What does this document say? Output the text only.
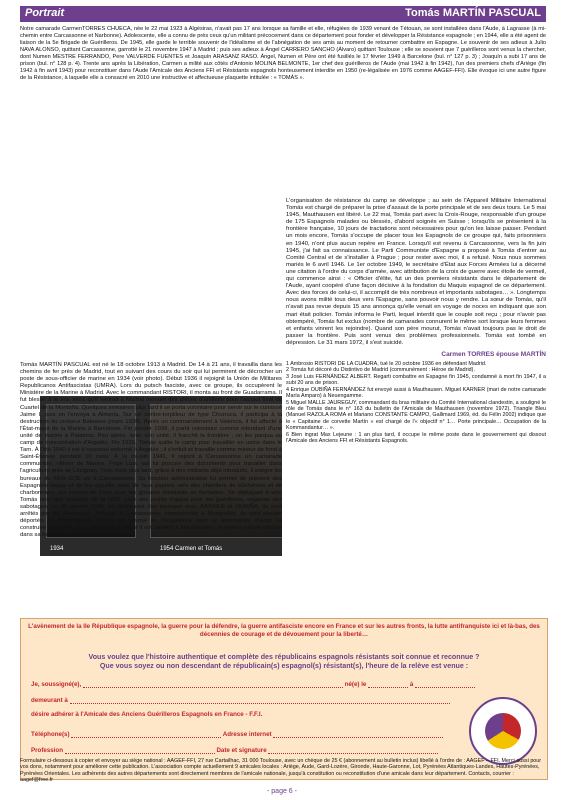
Portrait	Tomás MARTÍN PASCUAL
Notre camarade CarmenTORRES CHUECA, née le 22 mai 1923 à Algésiras, n'avait pas 17 ans lorsque sa famille et elle, réfugiées de 1939 venant de Tétouan, se sont installées dans l'Aude, à Lagrasse (à mi-chemin entre Carcassonne et Narbonne). Adolescente, elle a connu de près ceux qu'un militant précocement dans ce département pour fonder et développer la Résistance espagnole ; en 1944, elle a été agent de liaison de la 5e Brigade de Guérilleros. De 1945, elle garde le terrible souvenir de l'idéalisme et de l'abnégation de ses amis au moment de retourner combattre en Espagne. Le souvenir de ses adieux à Julio NAVA ALONSO, quittant Carcassonne, garrotté le 21 novembre 1947 à Madrid ; puis ses adieux à Ángel CARRERO SANCHO (Álvaro) quittant Toulouse ; elle se souvient que 7 guérilleros sont venus la chercher, dont Numen MESTRE FERRANDO, Pere VALVERDE FUENTES et Joaquín ARASANZ RASO. Ángel, Numen et Père ont été fusillés le 17 février 1949 à Barcelone (bul. n° 127 p. 3) ; Joaquín a subi 17 ans de prison (bul. n° 128 p. 4). Trente ans après la Libération, Carmen a milité aux côtés d'Antonio MOLINA BELMONTE, 1er chef des guérilleros de l'Aude (mai 1942 à fin 1942), l'un des premiers chefs d'Ariège (fin 1942 à fin avril 1943) pour reconstituer dans l'Aude l'Amicale des Anciens FFI et Résistants espagnols honteusement interdite en 1950 (re-légalisée en 1976 comme AAGEF-FFI). Elle évoque ici une autre figure de la Résistance, à laquelle elle a consacré en 2010 une instructive et affectueuse plaquette intitulée : « TOMÁS ».
1934	1954 Carmen et Tomás
Tomás MARTÍN PASCUAL est né le 18 octobre 1913 à Madrid. De 14 à 21 ans, il travailla dans les chemins de fer près de Madrid, tout en suivant des cours du soir qui lui permirent de décrocher un poste de sous-officier de marine en 1934 (voir photo). Début 1936 il rejoignit la Unión de Militares Republicanos Antifascistas (UMRA). Lors du putsch fasciste, avec ce groupe, ils occupèrent le Ministère de la Marine à Madrid. Avec le commandant RISTORI, il monta au front de Guadarrama. Il fut blessé à la tête alors qu'il rentrait à Madrid menant des pièces d'artillerie pour l'assaut final du Cuartel de la Montaña. Quelques semaines plus tard il se porta volontaire pour servir sur le cuirassé Jaime I, puis on l'envoya à Almería. Sur un contre-torpilleur de type Churruca, il participa à la destruction du croiseur Baleares (mars 1938). Après un commandement à Valencia, il fut affecté à l'État-major de la Marine à Barcelone. Fin janvier 1939, il partit volontaire comme intendant d'une unité de marine à Palamos. Peu après, avec son unité, il franchit la frontière ; on les parqua au camp de concentration d'Argelès. Fin 1939, Tomás quitte le camp pour travailler en usine dans le Tarn. À l'été 1940 il est à nouveau enfermé à Argelès ; il s'enfuit et travaille comme mineur de fond à Saint-Étienne pendant 10 mois. À la mi-juin 1941, il rejoint à Carcassonne un camarade communiste, officier de Marine, Pepe Luis, qui lui procure des documents pour travailler dans l'agriculture près de Lézignan. Trois mois plus tard, grâce à des militants déjà introduits, il intègre les bureaux du 442e GTE sis à Carcassonne. Sa fonction administrative lui permet de prévenir des Espagnols requis et de les aiguiller avec de faux papiers vers des chantiers de bûcherons et de charbonniers, qui servent de base pour les groupes résistants en formation. Se déplaçant à vélo Tomás tient des réunions de la UNE, crée des points d'appui pour les guérilleros, organise des sabotages. Le 20 janvier 1944, en distribuant des journaux avec KARNER et OUBIÑA, ils sont arrêtés par les Allemands. Torturés à Carcassonne, emprisonnés à Montpellier, ils sont ensuite déportés. De Mauthausen, Tomás est envoyé en Yougoslavie avec un kommando chargé de construire un tunnel ; à la suite d'un accident il est ramené à Mauthausen ; le typhus s'étant déclaré dans sa baraque, il est le seul rescapé.
L'organisation de résistance du camp se développe ; au sein de l'Appareil Militaire International Tomás est chargé de préparer la prise d'assaut de la porte principale et de ses deux tours. Le 5 mai 1945, Mauthausen est libéré. Le 22 mai, Tomás part avec la Croix-Rouge, responsable d'un groupe de 175 Espagnols malades ou blessés, d'abord soignés en Suisse ; lorsqu'ils se présentent à la frontière française, 10 jours de tractations sont nécessaires pour qu'on les laisse passer. Pendant un mois encore, Tomás s'occupe de placer tous les Espagnols de ce groupe qui, faits prisonniers en 1940, n'ont plus aucun repère en France. Lorsqu'il est revenu à Carcassonne, vers la fin juin 1945, j'ai fait sa connaissance. Le Parti Communiste d'Espagne a proposé à Tomás d'entrer au Comité Central et de s'installer à Prague ; pour rester avec moi, il a refusé. Nous nous sommes mariés le 6 avril 1946. Le 1er octobre 1949, le secrétaire d'État aux Forces Armées lui a décerné une citation à l'ordre du corps d'armée, avec attribution de la croix de guerre avec étoile de vermeil, qui commence ainsi : « Officier d'élite, fut un des premiers résistants dans le département de l'Aude, ayant coopéré d'une façon décisive à la fondation du Maquis espagnol de ce département. Avec des forces de celui-ci, il accomplit de très nombreux et importants sabotages… ». Longtemps nous avons milité tous deux vers l'Espagne, sans pouvoir nous y rendre. La sœur de Tomás, qu'il n'avait pas revue depuis 15 ans annonça qu'elle venait en voyage de noces en indiquant que son mari était policier. Tomás informa le Parti, lequel interdit que le couple soit reçu ; pour n'avoir pas obtempéré, Tomás fut exclus (nombre de camarades connurent le même sort lorsque leurs femmes et enfants vinrent les rejoindre). Quand son père mourut, Tomás n'avait toujours pas le droit de passer la frontière. Puis sont venus des problèmes professionnels. Tomás est tombé en dépression. Le 31 mars 1972, il s'est suicidé.
Carmen TORRES épouse MARTÍN
1 Ambrosio RISTORI DE LA CUADRA, tué le 20 octobre 1936 en défendant Madrid.
2 Tomás fut décoré du Distintivo de Madrid (communément : Héroe de Madrid).
3 José Luis FERNÁNDEZ ALBERT. Regarti combattre en Espagne fin 1945, condamné à mort fin 1947, il a subi 20 ans de prison.
4 Enrique OUBIÑA FERNÁNDEZ fut envoyé aussi à Mauthausen. Miguel KARNER (mari de notre camarade María Amparo) à Neuengamme.
5 Miguel MALLE JAUREGUY, commandant du bras militaire du Comité International clandestin, a souligné le rôle de Tomás dans le n° 163 du bulletin de l'Amicale de Mauthausen (novembre 1972). Triangle Bleu (Manuel RAZOLA ROMA et Mariano CONSTANTE CAMPO, Gallimard 1969, éd. du Félin 2002) indique que le « Capitaine de corvette Martín » est chargé de l'« objectif n° 1… Porte principale… Occupation de la Kommandantur… ».
6 Bien ingrat Max Lejeune : 1 an plus tard, il occupe le même poste dans le gouvernement qui dissout l'Amicale des Anciens FFI et Résistants Espagnols.
L'avènement de la IIe République espagnole, la guerre pour la défendre, la guerre antifasciste encore en France et sur les autres fronts, la lutte antifranquiste ici et là-bas, des décennies de courage et de dévouement pour la liberté…
Vous voulez que l'histoire authentique et complète des républicains espagnols résistants soit connue et reconnue ?
Que vous soyez ou non descendant de républicain(s) espagnol(s) résistant(s), l'heure de la relève est venue :
Je, soussigné(e),	né(e) le	à
demeurant à
désire adhérer à l'Amicale des Anciens Guérilleros Espagnols en France - F.F.I.
Téléphone(s)	Adresse internet
Profession	Date et signature
Formulaire ci-dessous à copier et envoyer au siège national : AAGEF-FFI, 27 rue Cartailhac, 31 000 Toulouse, avec un chèque de 25 € (abonnement au bulletin inclus) libellé à l'ordre de : AAGEF – FFI. Merci aussi pour vos dons, notamment pour améliorer cette publication. L'association compte actuellement 9 amicales locales : Ariège, Aude, Gard-Lozère, Gironde, Haute-Garonne, Lot, Pyrénées Atlantiques-Landes, Hautes-Pyrénées, Pyrénées Orientales. Les adhérents des autres départements sont directement membres de l'amicale nationale, jusqu'à constitution ou reconstitution d'une amicale dans leur département. Contacts, courrier : aagef@free.fr
- page 6 -
